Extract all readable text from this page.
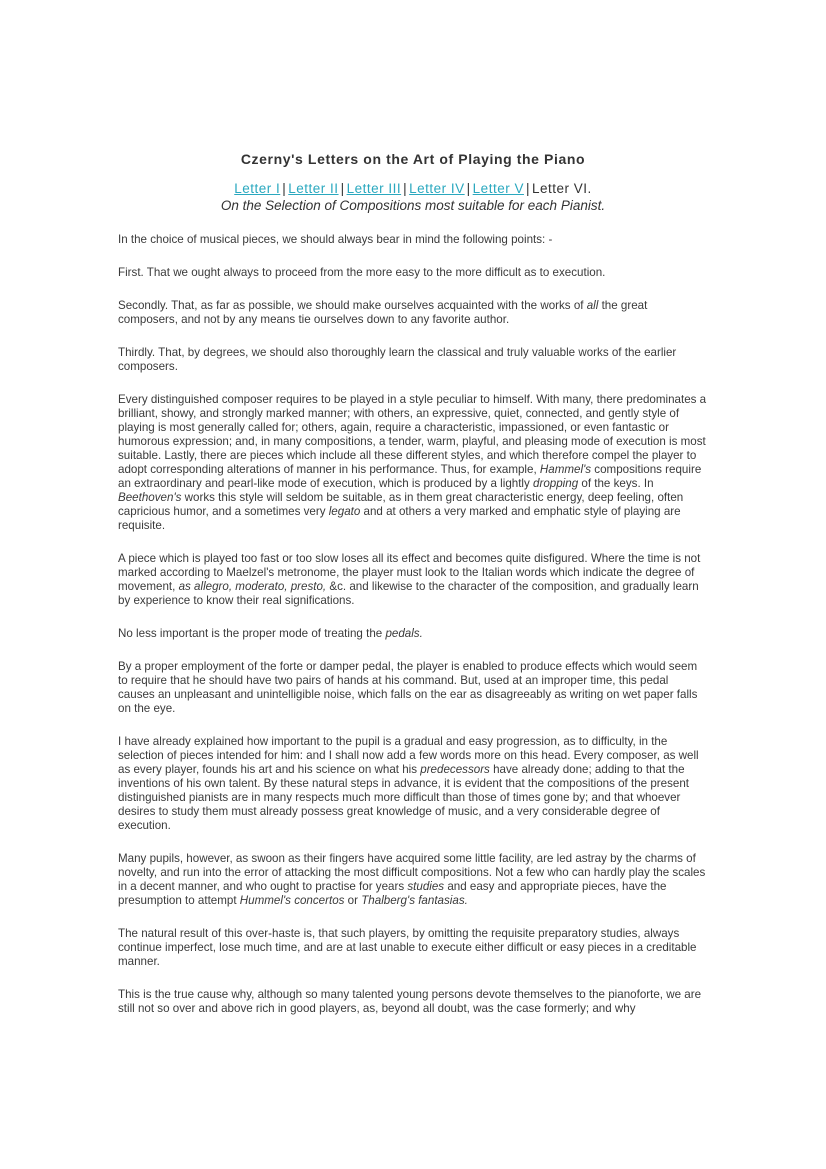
Czerny's Letters on the Art of Playing the Piano
Letter I | Letter II | Letter III | Letter IV | Letter V | Letter VI.

On the Selection of Compositions most suitable for each Pianist.

In the choice of musical pieces, we should always bear in mind the following points: -

First. That we ought always to proceed from the more easy to the more difficult as to execution.

Secondly. That, as far as possible, we should make ourselves acquainted with the works of all the great composers, and not by any means tie ourselves down to any favorite author.

Thirdly. That, by degrees, we should also thoroughly learn the classical and truly valuable works of the earlier composers.

Every distinguished composer requires to be played in a style peculiar to himself. With many, there predominates a brilliant, showy, and strongly marked manner; with others, an expressive, quiet, connected, and gently style of playing is most generally called for; others, again, require a characteristic, impassioned, or even fantastic or humorous expression; and, in many compositions, a tender, warm, playful, and pleasing mode of execution is most suitable. Lastly, there are pieces which include all these different styles, and which therefore compel the player to adopt corresponding alterations of manner in his performance. Thus, for example, Hammel's compositions require an extraordinary and pearl-like mode of execution, which is produced by a lightly dropping of the keys. In Beethoven's works this style will seldom be suitable, as in them great characteristic energy, deep feeling, often capricious humor, and a sometimes very legato and at others a very marked and emphatic style of playing are requisite.

A piece which is played too fast or too slow loses all its effect and becomes quite disfigured. Where the time is not marked according to Maelzel's metronome, the player must look to the Italian words which indicate the degree of movement, as allegro, moderato, presto, &c. and likewise to the character of the composition, and gradually learn by experience to know their real significations.

No less important is the proper mode of treating the pedals.

By a proper employment of the forte or damper pedal, the player is enabled to produce effects which would seem to require that he should have two pairs of hands at his command. But, used at an improper time, this pedal causes an unpleasant and unintelligible noise, which falls on the ear as disagreeably as writing on wet paper falls on the eye.

I have already explained how important to the pupil is a gradual and easy progression, as to difficulty, in the selection of pieces intended for him: and I shall now add a few words more on this head. Every composer, as well as every player, founds his art and his science on what his predecessors have already done; adding to that the inventions of his own talent. By these natural steps in advance, it is evident that the compositions of the present distinguished pianists are in many respects much more difficult than those of times gone by; and that whoever desires to study them must already possess great knowledge of music, and a very considerable degree of execution.

Many pupils, however, as swoon as their fingers have acquired some little facility, are led astray by the charms of novelty, and run into the error of attacking the most difficult compositions. Not a few who can hardly play the scales in a decent manner, and who ought to practise for years studies and easy and appropriate pieces, have the presumption to attempt Hummel's concertos or Thalberg's fantasias.

The natural result of this over-haste is, that such players, by omitting the requisite preparatory studies, always continue imperfect, lose much time, and are at last unable to execute either difficult or easy pieces in a creditable manner.

This is the true cause why, although so many talented young persons devote themselves to the pianoforte, we are still not so over and above rich in good players, as, beyond all doubt, was the case formerly; and why
